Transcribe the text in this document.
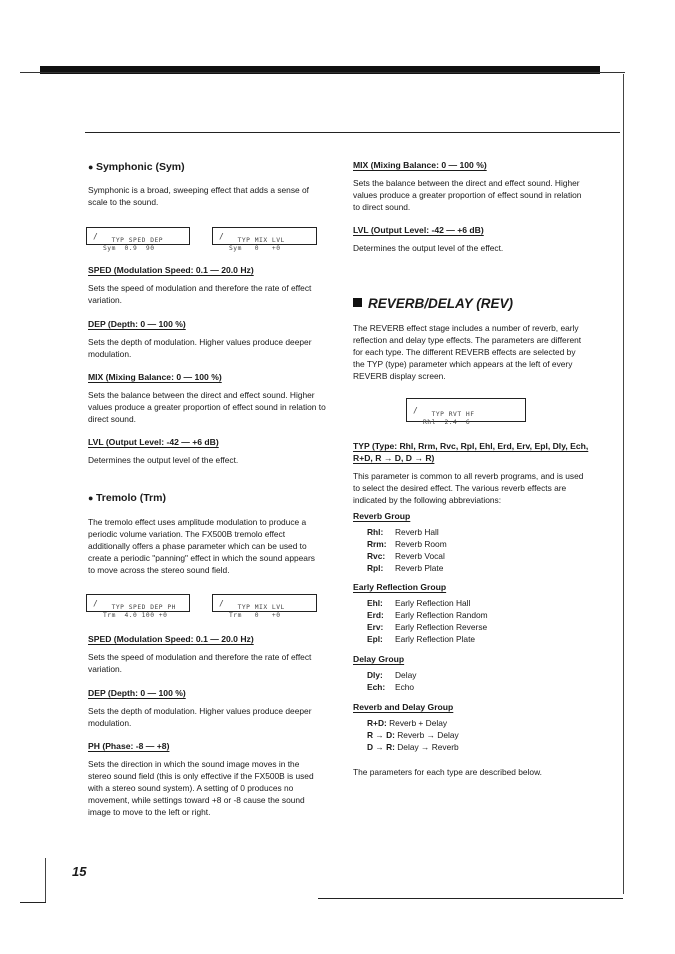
● Symphonic (Sym)

Symphonic is a broad, sweeping effect that adds a sense of scale to the sound.

/ TYP SPED DEP
Sym  0.9  90

/ TYP MIX LVL
Sym   0   +0
SPED (Modulation Speed: 0.1 — 20.0 Hz)

Sets the speed of modulation and therefore the rate of effect variation.

DEP (Depth: 0 — 100 %)

Sets the depth of modulation. Higher values produce deeper modulation.

MIX (Mixing Balance: 0 — 100 %)

Sets the balance between the direct and effect sound. Higher values produce a greater proportion of effect sound in relation to direct sound.

LVL (Output Level: -42 — +6 dB)

Determines the output level of the effect.

● Tremolo (Trm)

The tremolo effect uses amplitude modulation to produce a periodic volume variation. The FX500B tremolo effect additionally offers a phase parameter which can be used to create a periodic "panning" effect in which the sound appears to move across the stereo sound field.

/ TYP SPED DEP PH
Trm  4.0 100 +0

/ TYP MIX LVL
Trm   0   +0
SPED (Modulation Speed: 0.1 — 20.0 Hz)

Sets the speed of modulation and therefore the rate of effect variation.

DEP (Depth: 0 — 100 %)

Sets the depth of modulation. Higher values produce deeper modulation.

PH (Phase: -8 — +8)

Sets the direction in which the sound image moves in the stereo sound field (this is only effective if the FX500B is used with a stereo sound system). A setting of 0 produces no movement, while settings toward +8 or -8 cause the sound image to move to the left or right.

15
MIX (Mixing Balance: 0 — 100 %)

Sets the balance between the direct and effect sound. Higher values produce a greater proportion of effect sound in relation to direct sound.

LVL (Output Level: -42 — +6 dB)

Determines the output level of the effect.

REVERB/DELAY (REV)

The REVERB effect stage includes a number of reverb, early reflection and delay type effects. The parameters are different for each type. The different REVERB effects are selected by the TYP (type) parameter which appears at the left of every REVERB display screen.

/ TYP RVT HF
Rhl  2.4  6
TYP (Type: Rhl, Rrm, Rvc, Rpl, Ehl, Erd, Erv, Epl, Dly, Ech, R+D, R → D, D → R)

This parameter is common to all reverb programs, and is used to select the desired effect. The various reverb effects are indicated by the following abbreviations:

Reverb Group
Rhl: Reverb Hall
Rrm: Reverb Room
Rvc: Reverb Vocal
Rpl: Reverb Plate
Early Reflection Group
Ehl: Early Reflection Hall
Erd: Early Reflection Random
Erv: Early Reflection Reverse
Epl: Early Reflection Plate
Delay Group
Dly: Delay
Ech: Echo
Reverb and Delay Group
R+D: Reverb + Delay
R → D: Reverb → Delay
D → R: Delay → Reverb

The parameters for each type are described below.
